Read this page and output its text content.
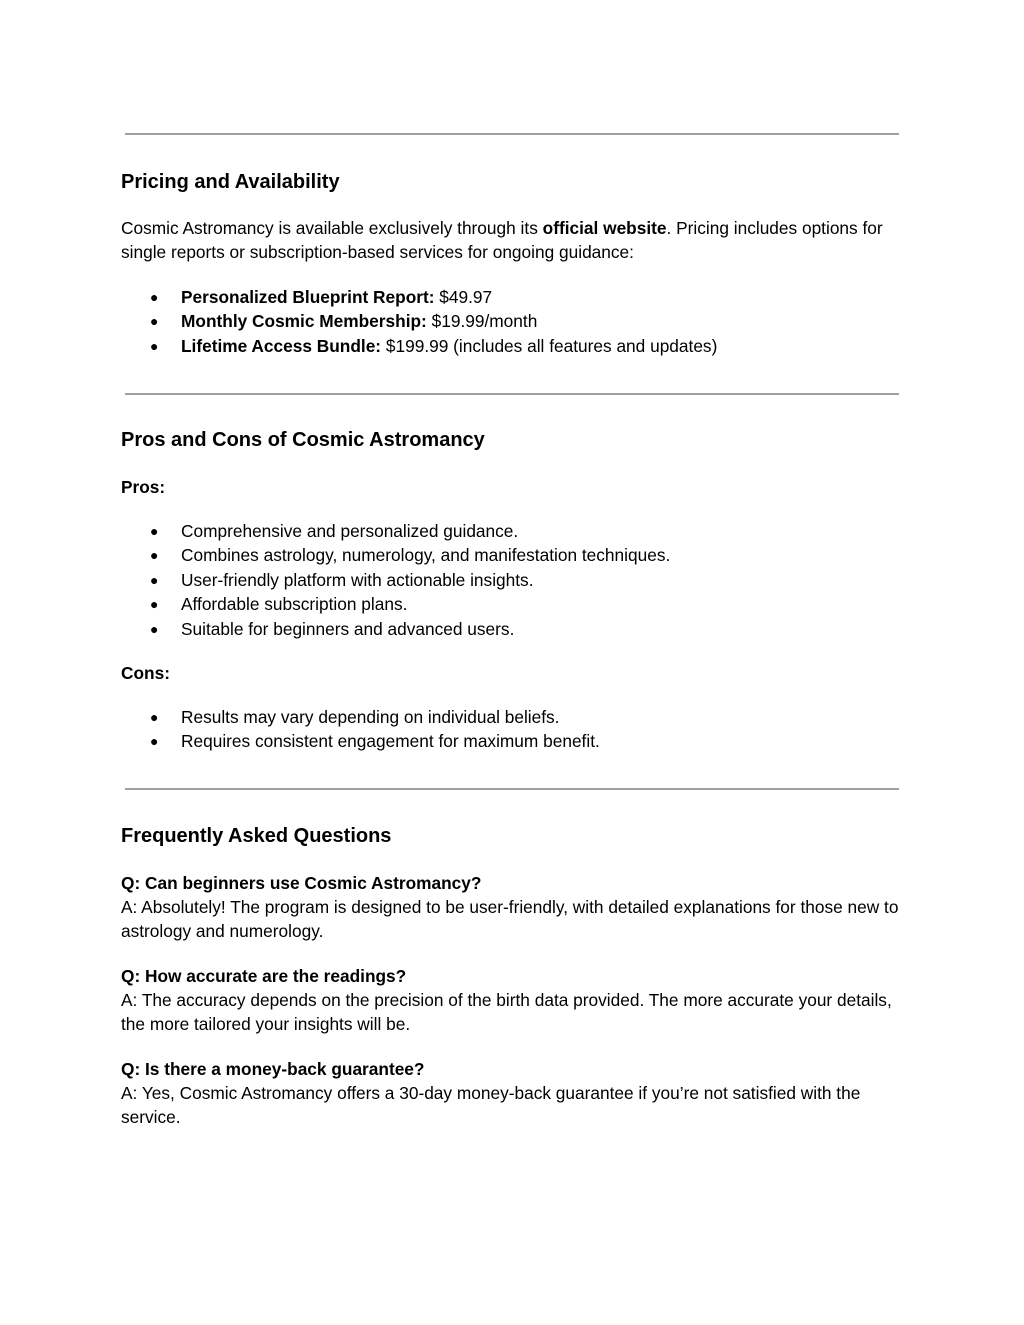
Pricing and Availability
Cosmic Astromancy is available exclusively through its official website. Pricing includes options for single reports or subscription-based services for ongoing guidance:
● Personalized Blueprint Report: $49.97
● Monthly Cosmic Membership: $19.99/month
● Lifetime Access Bundle: $199.99 (includes all features and updates)
Pros and Cons of Cosmic Astromancy
Pros:
● Comprehensive and personalized guidance.
● Combines astrology, numerology, and manifestation techniques.
● User-friendly platform with actionable insights.
● Affordable subscription plans.
● Suitable for beginners and advanced users.
Cons:
● Results may vary depending on individual beliefs.
● Requires consistent engagement for maximum benefit.
Frequently Asked Questions
Q: Can beginners use Cosmic Astromancy?
A: Absolutely! The program is designed to be user-friendly, with detailed explanations for those new to astrology and numerology.
Q: How accurate are the readings?
A: The accuracy depends on the precision of the birth data provided. The more accurate your details, the more tailored your insights will be.
Q: Is there a money-back guarantee?
A: Yes, Cosmic Astromancy offers a 30-day money-back guarantee if you’re not satisfied with the service.
